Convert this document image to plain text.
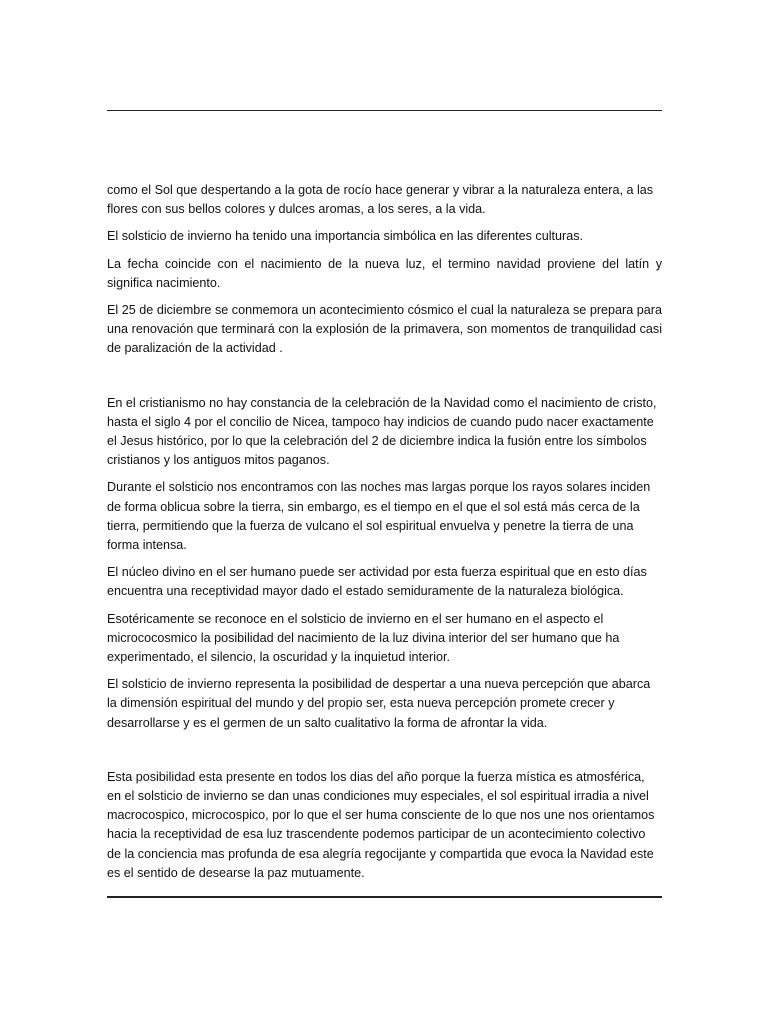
como el Sol que despertando a la gota de rocío hace generar y vibrar a la naturaleza entera, a las flores con sus bellos colores y dulces aromas, a los seres, a la vida.

El solsticio de invierno ha tenido una importancia simbólica en las diferentes culturas.

La fecha coincide con el nacimiento de la nueva luz, el termino navidad proviene del latín y significa nacimiento.

El 25 de diciembre se conmemora un acontecimiento cósmico el cual la naturaleza se prepara para una renovación que terminará con la explosión de la primavera, son momentos de tranquilidad casi de paralización de la actividad .

En el cristianismo no hay constancia de la celebración de la Navidad como el nacimiento de cristo, hasta el siglo 4 por el concilio de Nicea, tampoco hay indicios de cuando pudo nacer exactamente el Jesus histórico, por lo que la celebración del 2 de diciembre indica la fusión entre los símbolos cristianos y los antiguos mitos paganos.

Durante el solsticio nos encontramos con las noches mas largas porque los rayos solares inciden de forma oblicua sobre la tierra, sin embargo, es el tiempo en el que el sol está más cerca de la tierra, permitiendo que la fuerza de vulcano el sol espiritual envuelva y penetre la tierra de una forma intensa.

El núcleo divino en el ser humano puede ser actividad por esta fuerza espiritual que en esto días encuentra una receptividad mayor dado el estado semiduramente de la naturaleza biológica.

Esotéricamente se reconoce en el solsticio de invierno en el ser humano en el aspecto el micrococosmico la posibilidad del nacimiento de la luz divina interior del ser humano que ha experimentado, el silencio, la oscuridad y la inquietud interior.

El solsticio de invierno representa la posibilidad de despertar a una nueva percepción que abarca la dimensión espiritual del mundo y del propio ser, esta nueva percepción promete crecer y desarrollarse y es el germen de un salto cualitativo la forma de afrontar la vida.

Esta posibilidad esta presente en todos los dias del año porque la fuerza mística es atmosférica, en el solsticio de invierno se dan unas condiciones muy especiales, el sol espiritual irradia a nivel macrocospico, microcospico, por lo que el ser huma consciente de lo que nos une nos orientamos hacia la receptividad de esa luz trascendente podemos participar de un acontecimiento colectivo de la conciencia mas profunda de esa alegría regocijante y compartida que evoca la Navidad este es el sentido de desearse la paz mutuamente.
